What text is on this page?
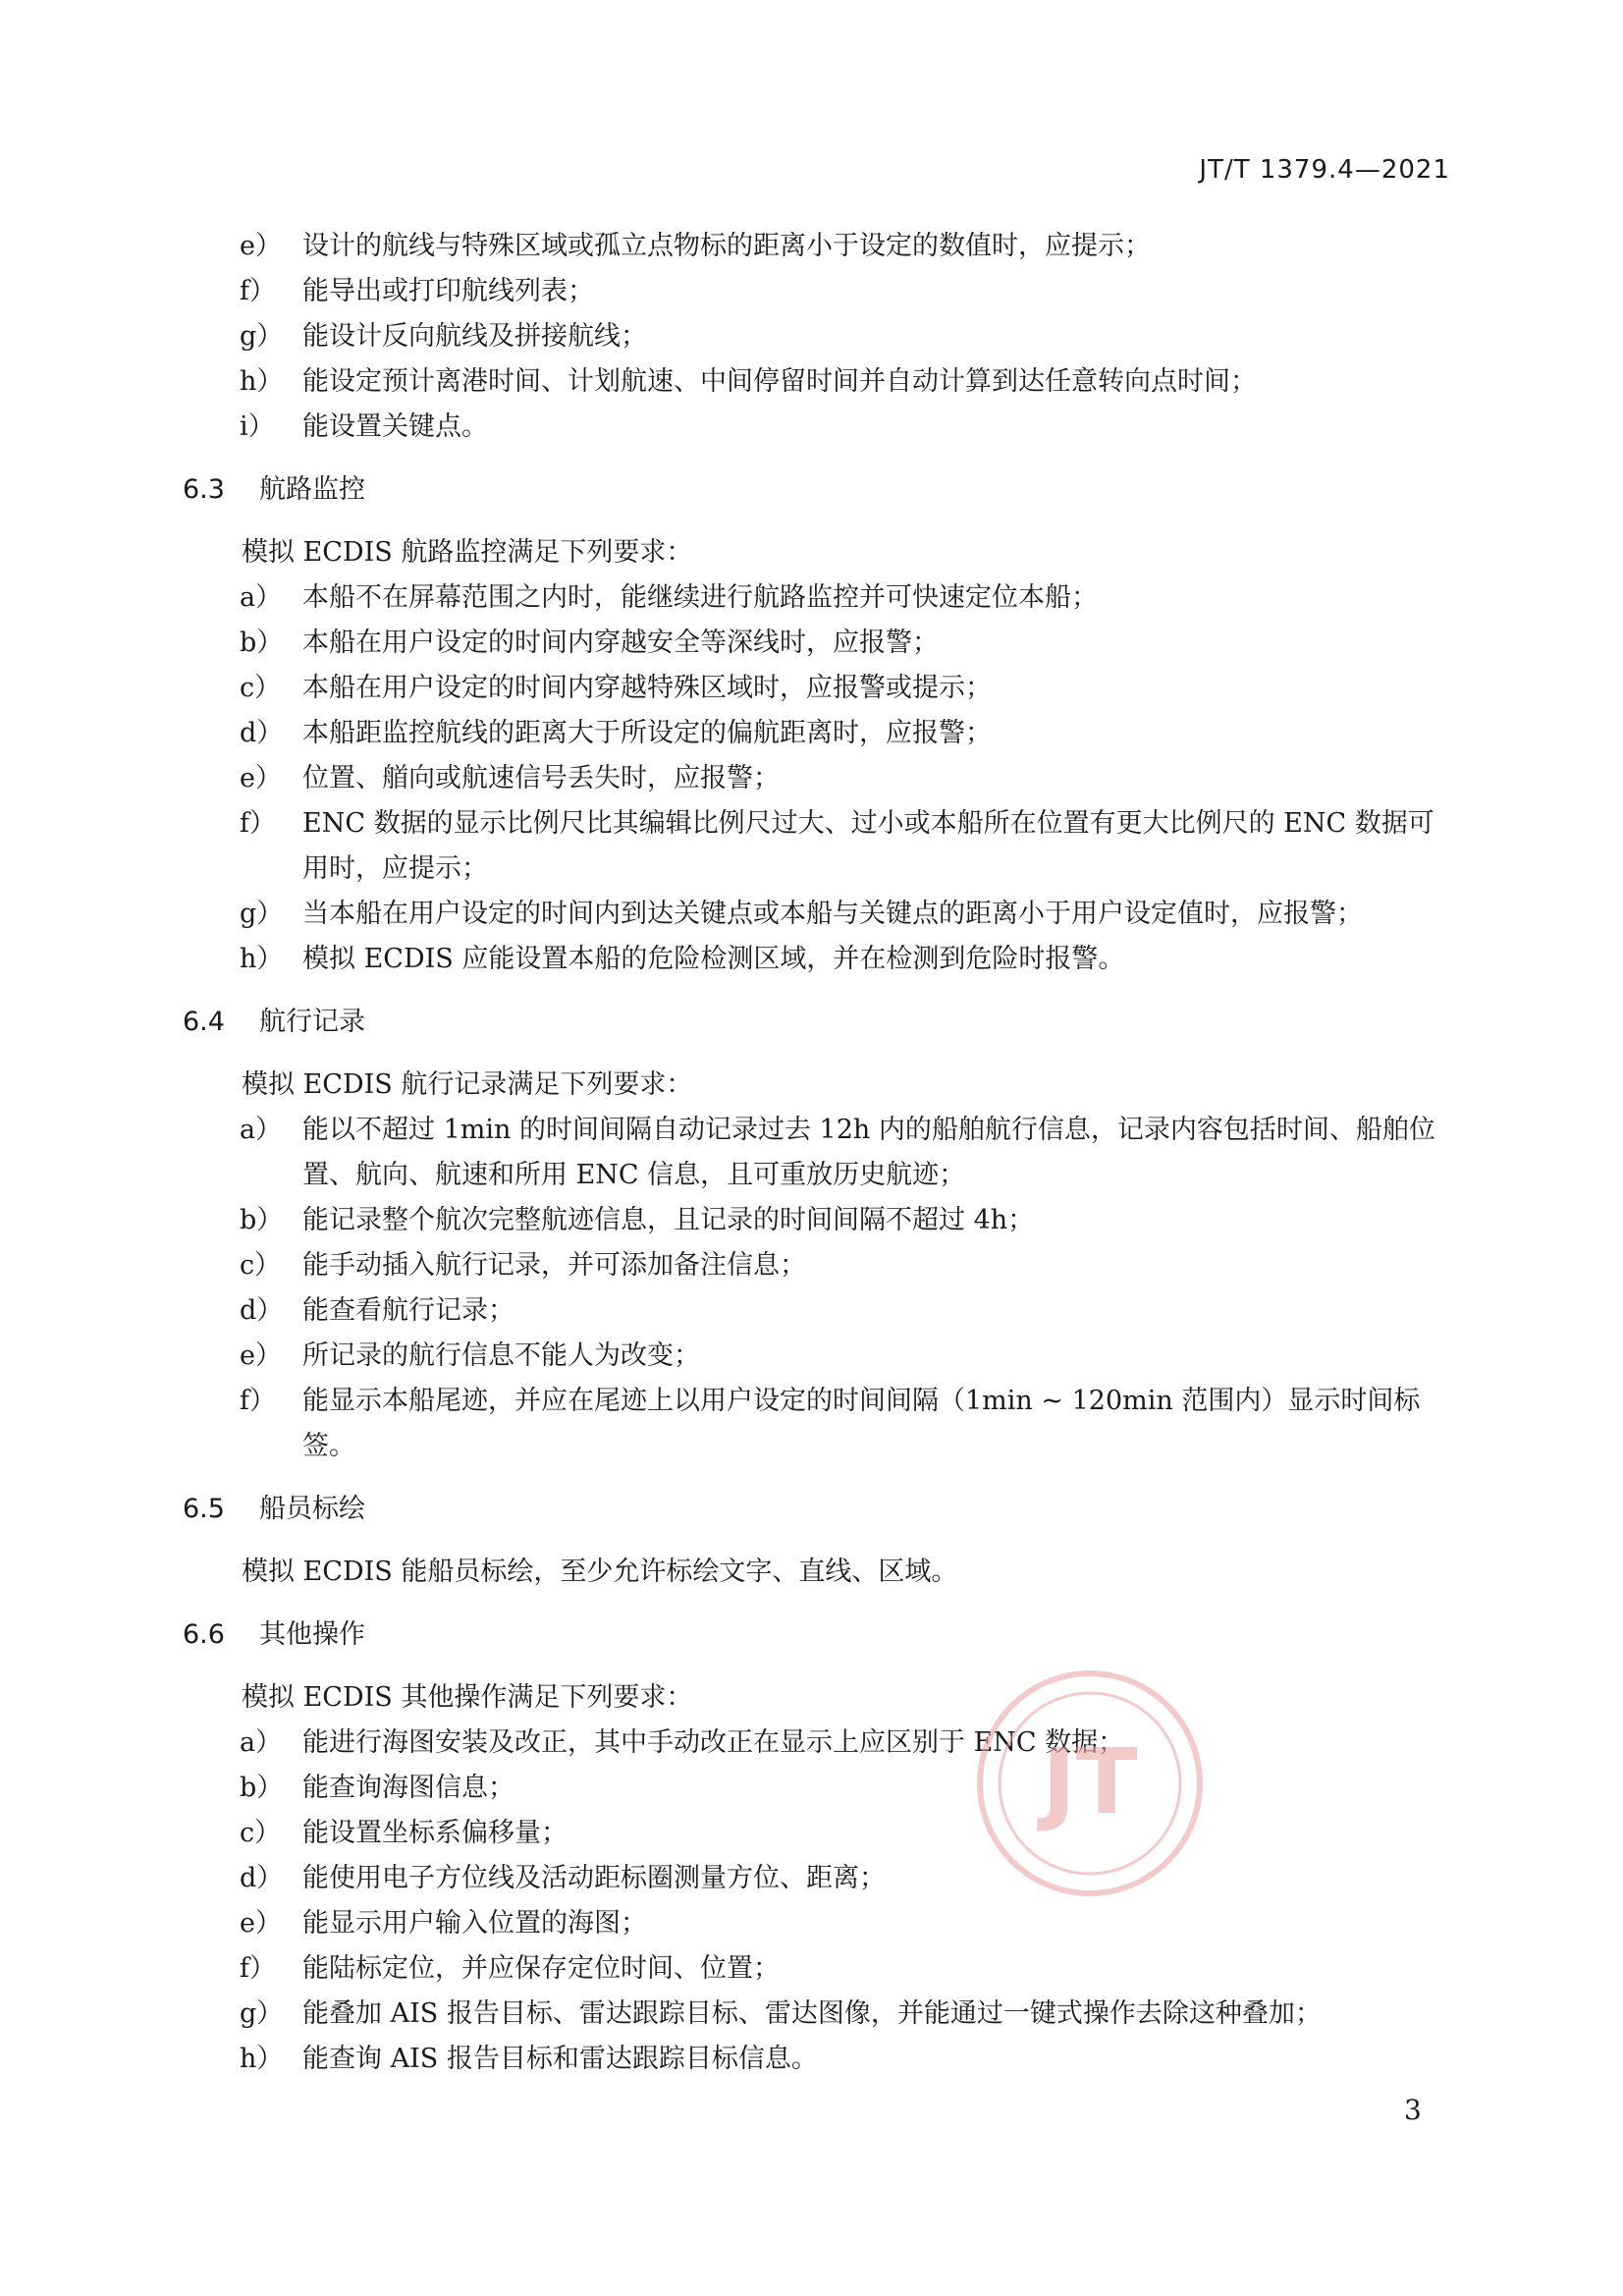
JT/T 1379.4—2021
e） 设计的航线与特殊区域或孤立点物标的距离小于设定的数值时，应提示；
f）	能导出或打印航线列表；
g） 能设计反向航线及拼接航线；
h） 能设定预计离港时间、计划航速、中间停留时间并自动计算到达任意转向点时间；
i）	能设置关键点。
6.3 航路监控
模拟 ECDIS 航路监控满足下列要求：
a） 本船不在屏幕范围之内时，能继续进行航路监控并可快速定位本船；
b） 本船在用户设定的时间内穿越安全等深线时，应报警；
c） 本船在用户设定的时间内穿越特殊区域时，应报警或提示；
d） 本船距监控航线的距离大于所设定的偏航距离时，应报警；
e） 位置、艏向或航速信号丢失时，应报警；
f）	ENC 数据的显示比例尺比其编辑比例尺过大、过小或本船所在位置有更大比例尺的 ENC 数据可用时，应提示；
g） 当本船在用户设定的时间内到达关键点或本船与关键点的距离小于用户设定值时，应报警；
h） 模拟 ECDIS 应能设置本船的危险检测区域，并在检测到危险时报警。
6.4 航行记录
模拟 ECDIS 航行记录满足下列要求：
a） 能以不超过 1min 的时间间隔自动记录过去 12h 内的船舶航行信息，记录内容包括时间、船舶位置、航向、航速和所用 ENC 信息，且可重放历史航迹；
b） 能记录整个航次完整航迹信息，且记录的时间间隔不超过 4h；
c） 能手动插入航行记录，并可添加备注信息；
d） 能查看航行记录；
e） 所记录的航行信息不能人为改变；
f）	能显示本船尾迹，并应在尾迹上以用户设定的时间间隔（1min ~ 120min 范围内）显示时间标签。
6.5 船员标绘
模拟 ECDIS 能船员标绘，至少允许标绘文字、直线、区域。
6.6 其他操作
模拟 ECDIS 其他操作满足下列要求：
a） 能进行海图安装及改正，其中手动改正在显示上应区别于 ENC 数据；
b） 能查询海图信息；
c） 能设置坐标系偏移量；
d） 能使用电子方位线及活动距标圈测量方位、距离；
e） 能显示用户输入位置的海图；
f）	能陆标定位，并应保存定位时间、位置；
g） 能叠加 AIS 报告目标、雷达跟踪目标、雷达图像，并能通过一键式操作去除这种叠加；
h） 能查询 AIS 报告目标和雷达跟踪目标信息。
JT
3
